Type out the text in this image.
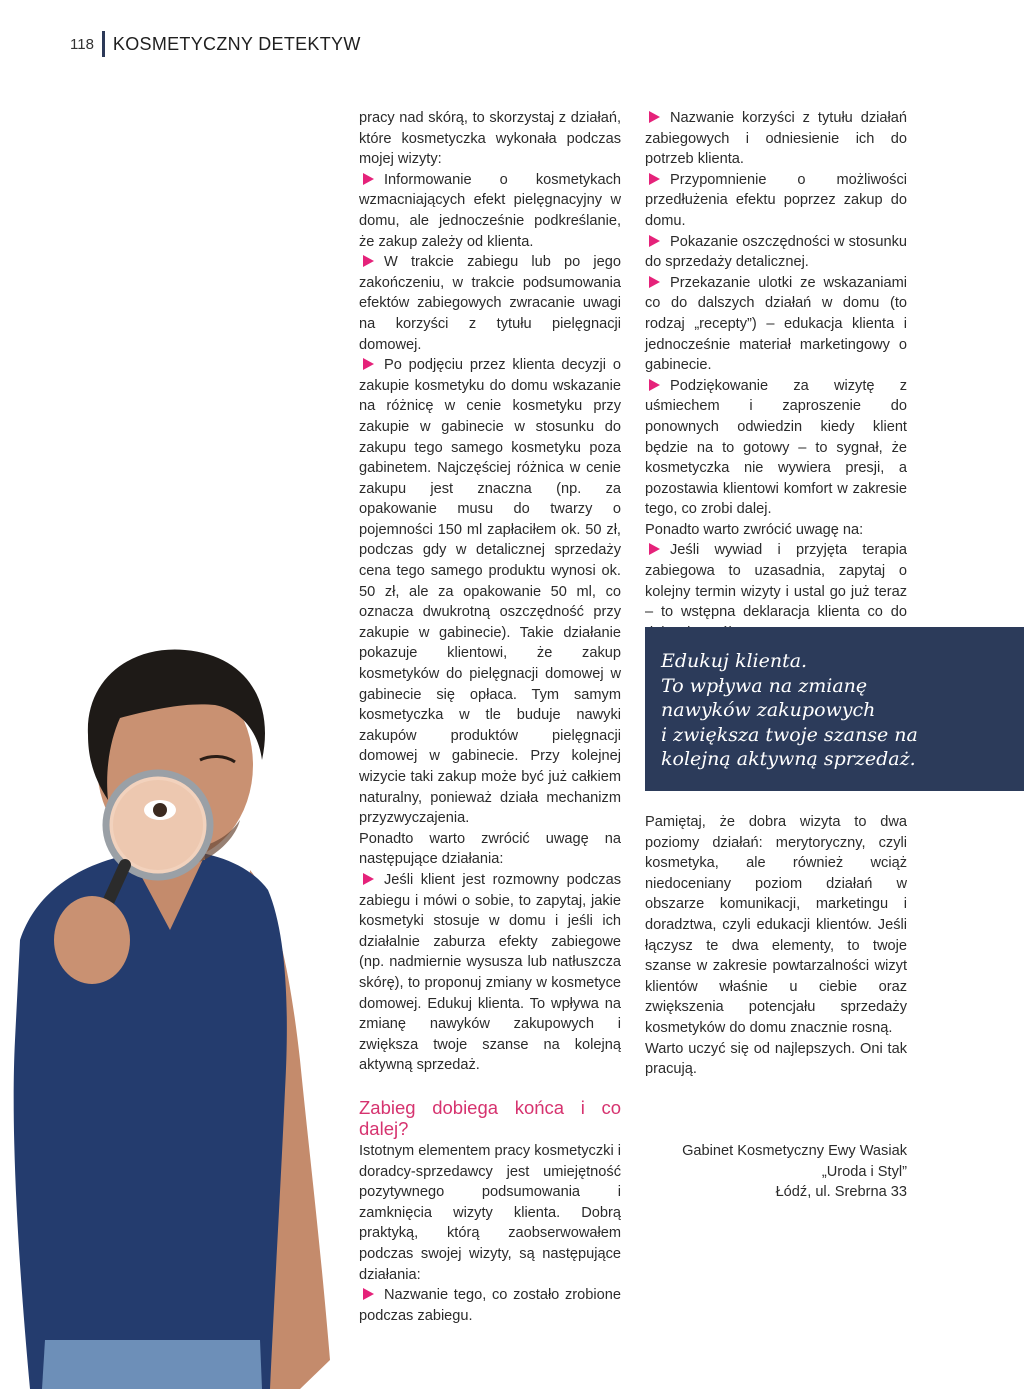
118 KOSMETYCZNY DETEKTYW

pracy nad skórą, to skorzystaj z działań, które kosmetyczka wykonała podczas mojej wizyty:

Informowanie o kosmetykach wzmacniających efekt pielęgnacyjny w domu, ale jednocześnie podkreślanie, że zakup zależy od klienta.

W trakcie zabiegu lub po jego zakończeniu, w trakcie podsumowania efektów zabiegowych zwracanie uwagi na korzyści z tytułu pielęgnacji domowej.

Po podjęciu przez klienta decyzji o zakupie kosmetyku do domu wskazanie na różnicę w cenie kosmetyku przy zakupie w gabinecie w stosunku do zakupu tego samego kosmetyku poza gabinetem. Najczęściej różnica w cenie zakupu jest znaczna (np. za opakowanie musu do twarzy o pojemności 150 ml zapłaciłem ok. 50 zł, podczas gdy w detalicznej sprzedaży cena tego samego produktu wynosi ok. 50 zł, ale za opakowanie 50 ml, co oznacza dwukrotną oszczędność przy zakupie w gabinecie). Takie działanie pokazuje klientowi, że zakup kosmetyków do pielęgnacji domowej w gabinecie się opłaca. Tym samym kosmetyczka w tle buduje nawyki zakupów produktów pielęgnacji domowej w gabinecie. Przy kolejnej wizycie taki zakup może być już całkiem naturalny, ponieważ działa mechanizm przyzwyczajenia.

Ponadto warto zwrócić uwagę na następujące działania:

Jeśli klient jest rozmowny podczas zabiegu i mówi o sobie, to zapytaj, jakie kosmetyki stosuje w domu i jeśli ich działalnie zaburza efekty zabiegowe (np. nadmiernie wysusza lub natłuszcza skórę), to proponuj zmiany w kosmetyce domowej. Edukuj klienta. To wpływa na zmianę nawyków zakupowych i zwiększa twoje szanse na kolejną aktywną sprzedaż.

Zabieg dobiega końca i co dalej?

Istotnym elementem pracy kosmetyczki i doradcy-sprzedawcy jest umiejętność pozytywnego podsumowania i zamknięcia wizyty klienta. Dobrą praktyką, którą zaobserwowałem podczas swojej wizyty, są następujące działania:

Nazwanie tego, co zostało zrobione podczas zabiegu.

Nazwanie korzyści z tytułu działań zabiegowych i odniesienie ich do potrzeb klienta.

Przypomnienie o możliwości przedłużenia efektu poprzez zakup do domu.

Pokazanie oszczędności w stosunku do sprzedaży detalicznej.

Przekazanie ulotki ze wskazaniami co do dalszych działań w domu (to rodzaj „recepty”) – edukacja klienta i jednocześnie materiał marketingowy o gabinecie.

Podziękowanie za wizytę z uśmiechem i zaproszenie do ponownych odwiedzin kiedy klient będzie na to gotowy – to sygnał, że kosmetyczka nie wywiera presji, a pozostawia klientowi komfort w zakresie tego, co zrobi dalej.

Ponadto warto zwrócić uwagę na:

Jeśli wywiad i przyjęta terapia zabiegowa to uzasadnia, zapytaj o kolejny termin wizyty i ustal go już teraz – to wstępna deklaracja klienta co do

Edukuj klienta.
To wpływa na zmianę
nawyków zakupowych
i zwiększa twoje szanse na
kolejną aktywną sprzedaż.

Pamiętaj, że dobra wizyta to dwa poziomy działań: merytoryczny, czyli kosmetyka, ale również wciąż niedoceniany poziom działań w obszarze komunikacji, marketingu i doradztwa, czyli edukacji klientów. Jeśli łączysz te dwa elementy, to twoje szanse w zakresie powtarzalności wizyt klientów właśnie u ciebie oraz zwiększenia potencjału sprzedaży kosmetyków do domu znacznie rosną.

Warto uczyć się od najlepszych. Oni tak pracują.

Gabinet Kosmetyczny Ewy Wasiak
„Uroda i Styl”
Łódź, ul. Srebrna 33
